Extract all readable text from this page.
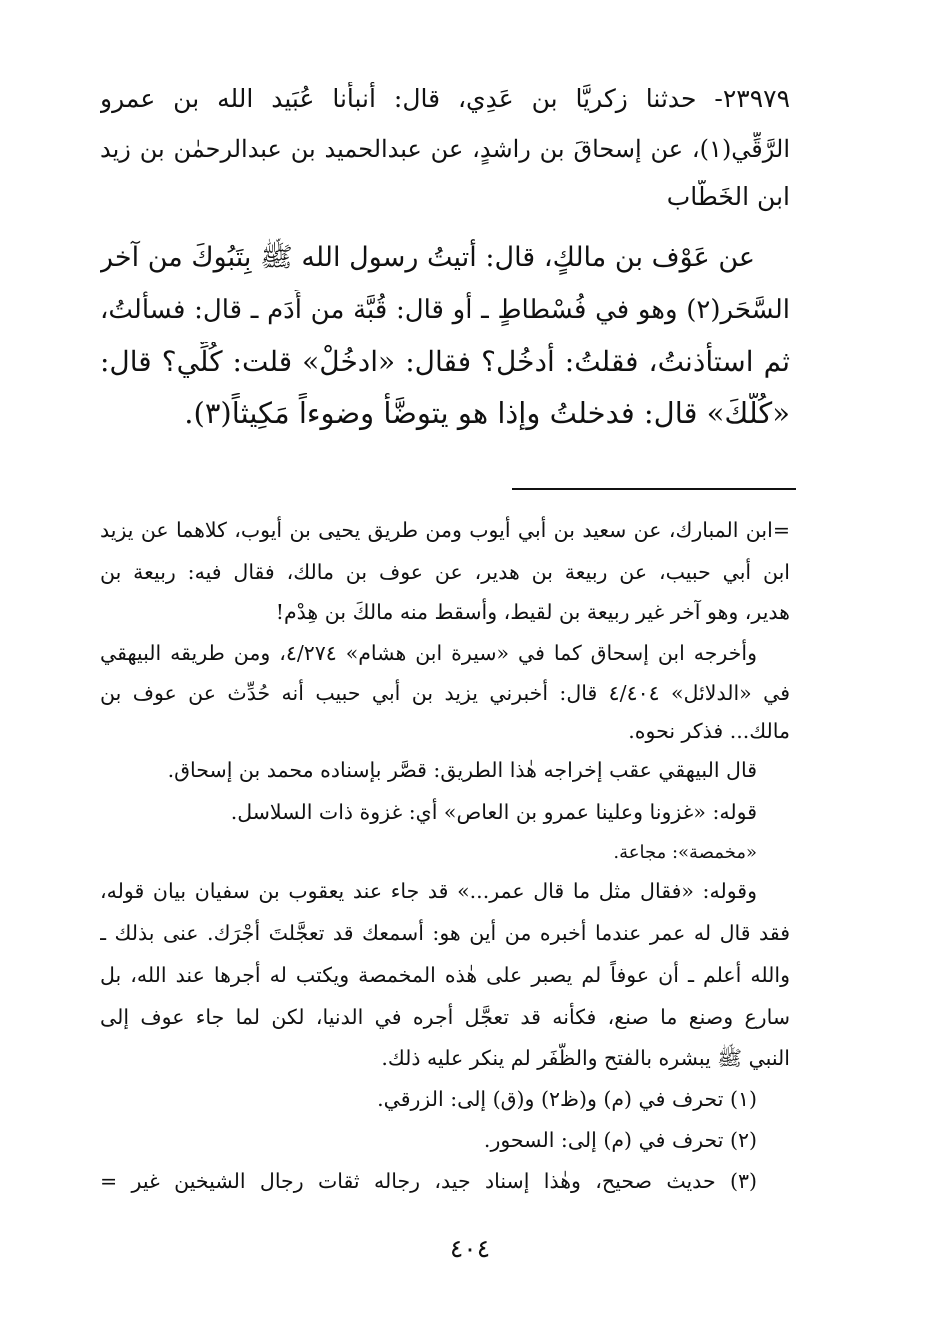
٢٣٩٧٩- حدثنا زكريَّا بن عَدِي، قال: أَنبأنا عُبَيد الله بن عمرو
الرَّقِّي(١)، عن إسحاقَ بن راشدٍ، عن عبدالحميد بن عبدالرحمٰن بن زيد
ابن الخَطَّاب
عن عَوْف بن مالكٍ، قال: أَتيتُ رسول الله ﷺ بِتَبُوكَ من آخر
السَّحَر(٢) وهو في فُسْطاطٍ ـ أو قال: قُبَّة من أَدَم ـ قال: فسأَلتُ،
ثم استأذنتُ، فقلتُ: أَدخُل؟ فقال: «ادخُلْ» قلت: كُلِّي؟ قال:
«كُلُّكَ» قال: فدخلتُ وإذا هو يتوضَّأُ وضوءاً مَكِيثاً(٣).
=ابن المبارك، عن سعيد بن أبي أيوب ومن طريق يحيى بن أيوب، كلاهما عن يزيد
ابن أبي حبيب، عن ربيعة بن هدير، عن عوف بن مالك، فقال فيه: ربيعة بن
هدير، وهو آخر غير ربيعة بن لقيط، وأسقط منه مالكَ بن هِدْم!
وأخرجه ابن إسحاق كما في «سيرة ابن هشام» ٤/٢٧٤، ومن طريقه البيهقي
في «الدلائل» ٤/٤٠٤ قال: أخبرني يزيد بن أبي حبيب أنه حُدِّث عن عوف بن
مالك... فذكر نحوه.
قال البيهقي عقب إخراجه هٰذا الطريق: قصَّر بإسناده محمد بن إسحاق.
قوله: «غزونا وعلينا عمرو بن العاص» أي: غزوة ذات السلاسل.
«مخمصة»: مجاعة.
وقوله: «فقال مثل ما قال عمر...» قد جاء عند يعقوب بن سفيان بيان قوله،
فقد قال له عمر عندما أخبره من أين هو: أسمعك قد تعجَّلتَ أجْرَك. عنى بذلك ـ
والله أعلم ـ أن عوفاً لم يصبر على هٰذه المخمصة ويكتب له أجرها عند الله، بل
سارع وصنع ما صنع، فكأنه قد تعجَّل أجره في الدنيا، لكن لما جاء عوف إلى
النبي ﷺ يبشره بالفتح والظَّفَر لم ينكر عليه ذلك.
(١) تحرف في (م) و(ظ٢) و(ق) إلى: الزرقي.
(٢) تحرف في (م) إلى: السحور.
(٣) حديث صحيح، وهٰذا إسناد جيد، رجاله ثقات رجال الشيخين غير =
٤٠٤
